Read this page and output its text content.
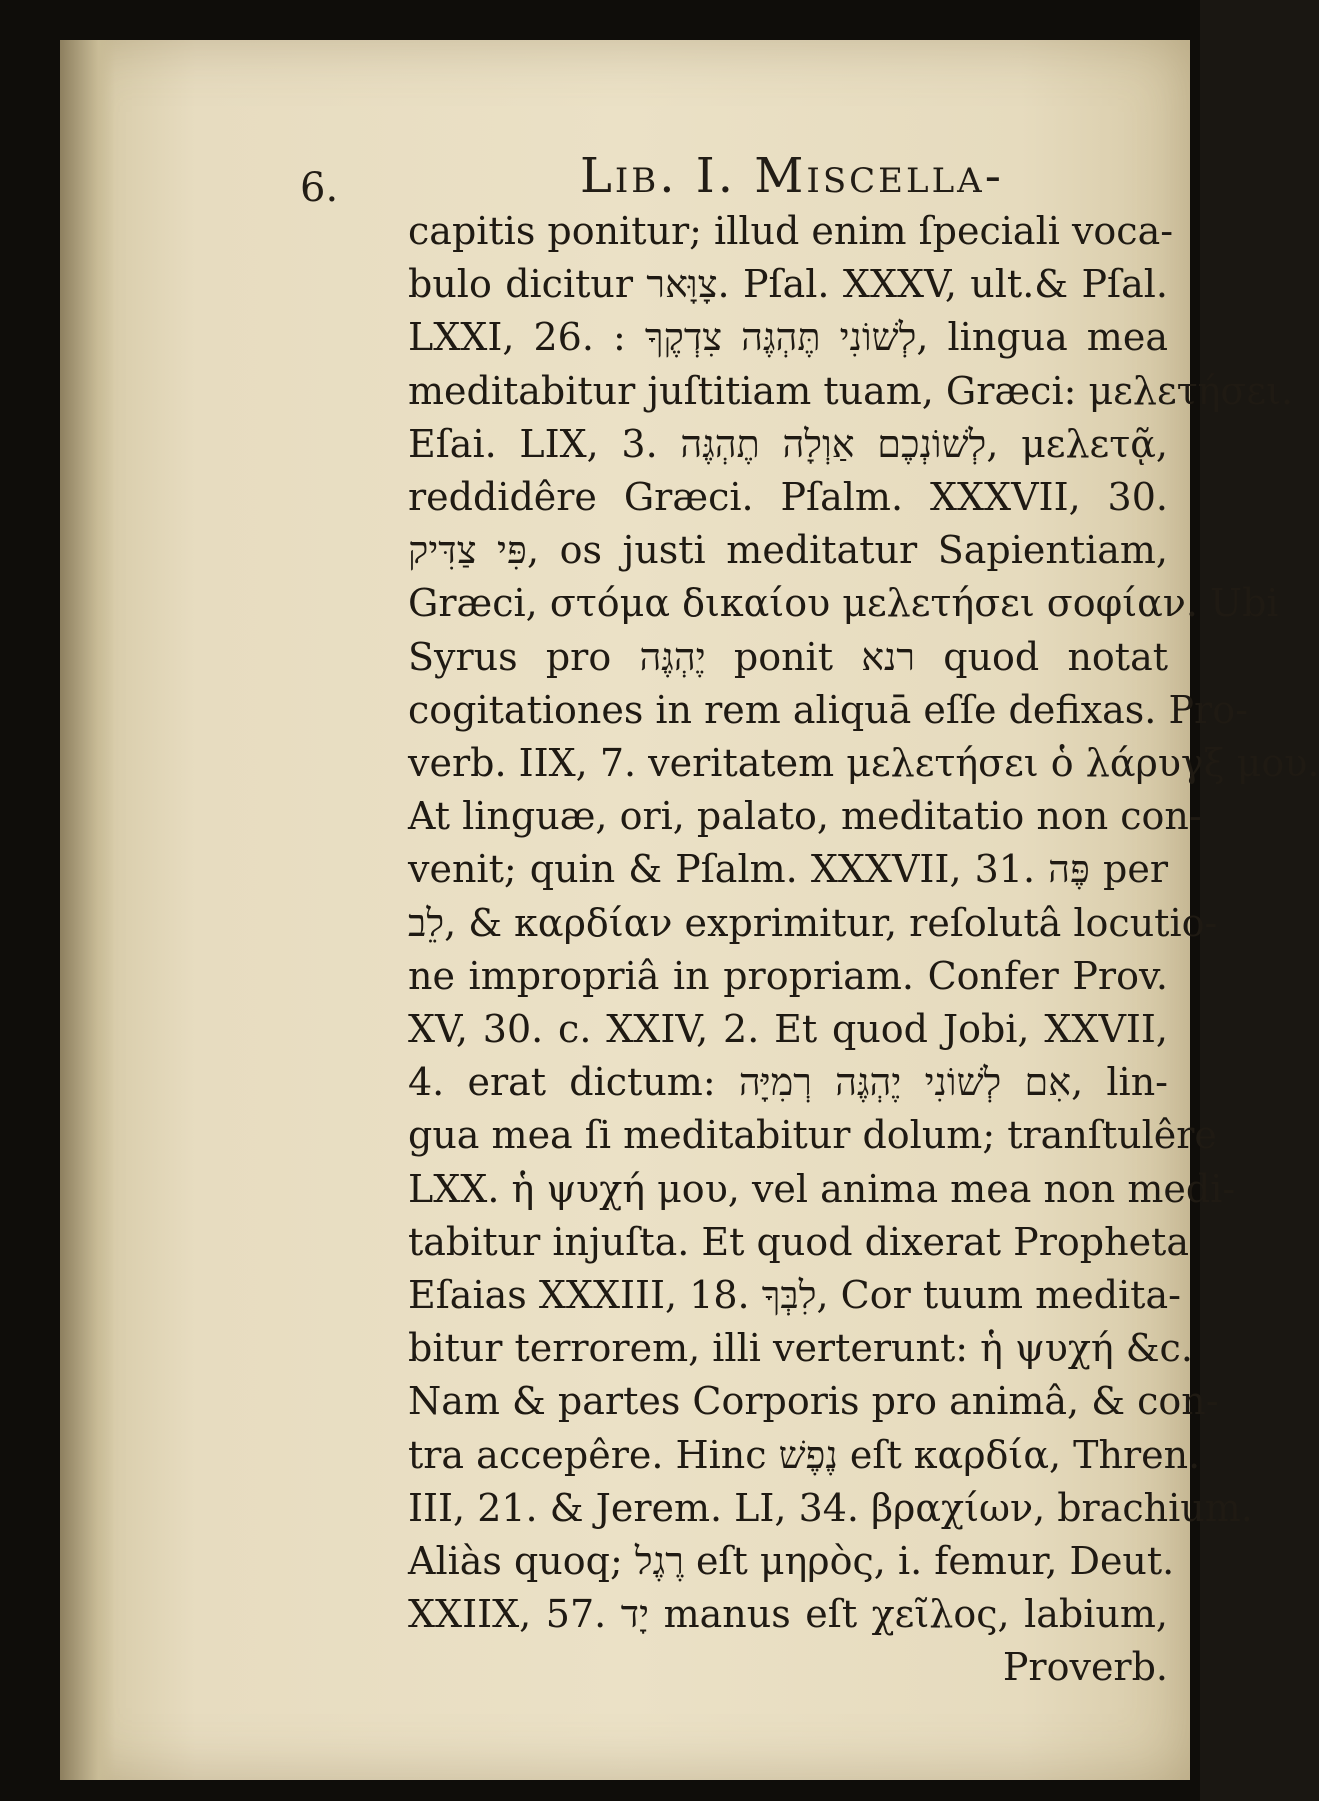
6.	Lib. I. Miscella-
capitis ponitur; illud enim ſpeciali voca-
bulo dicitur צָוָּאר. Pſal. XXXV, ult.& Pſal.
LXXI, 26. : לְשׁוֹנִי תֶּהְגֶּה צִדְקֶךָ, lingua mea
meditabitur juſtitiam tuam, Græci: μελετήσει.
Eſai. LIX, 3. לְשׁוֹנְכֶם אַוְלָה תֶהְגֶּה, μελετᾷ,
reddidêre Græci. Pſalm. XXXVII, 30.
פִּי צַדִּיק, os justi meditatur Sapientiam,
Græci, στόμα δικαίου μελετήσει σοφίαν. Ubi
Syrus pro יֶהְגֶּה ponit רנא quod notat
cogitationes in rem aliquā eſſe defixas. Pro-
verb. IIX, 7. veritatem μελετήσει ὁ λάρυγξ μου.
At linguæ, ori, palato, meditatio non con-
venit; quin & Pſalm. XXXVII, 31. פֶּה per
לֵב, & καρδίαν exprimitur, reſolutâ locutio-
ne impropriâ in propriam. Confer Prov.
XV, 30. c. XXIV, 2. Et quod Jobi, XXVII,
4. erat dictum: אִם לְשׁוֹנִי יֶהְגֶּה רְמִיָּה, lin-
gua mea ſi meditabitur dolum; tranſtulêre
LXX. ἡ ψυχή μου, vel anima mea non medi-
tabitur injuſta. Et quod dixerat Propheta
Eſaias XXXIII, 18. לִבְּךָ, Cor tuum medita-
bitur terrorem, illi verterunt: ἡ ψυχή &c.
Nam & partes Corporis pro animâ, & con-
tra accepêre. Hinc נֶפֶשׁ eſt καρδία, Thren.
III, 21. & Jerem. LI, 34. βραχίων, brachium.
Aliàs quoq; רֶגֶל eſt μηρὸς, i. femur, Deut.
XXIIX, 57. יָד manus eſt χεῖλος, labium,
Proverb.
